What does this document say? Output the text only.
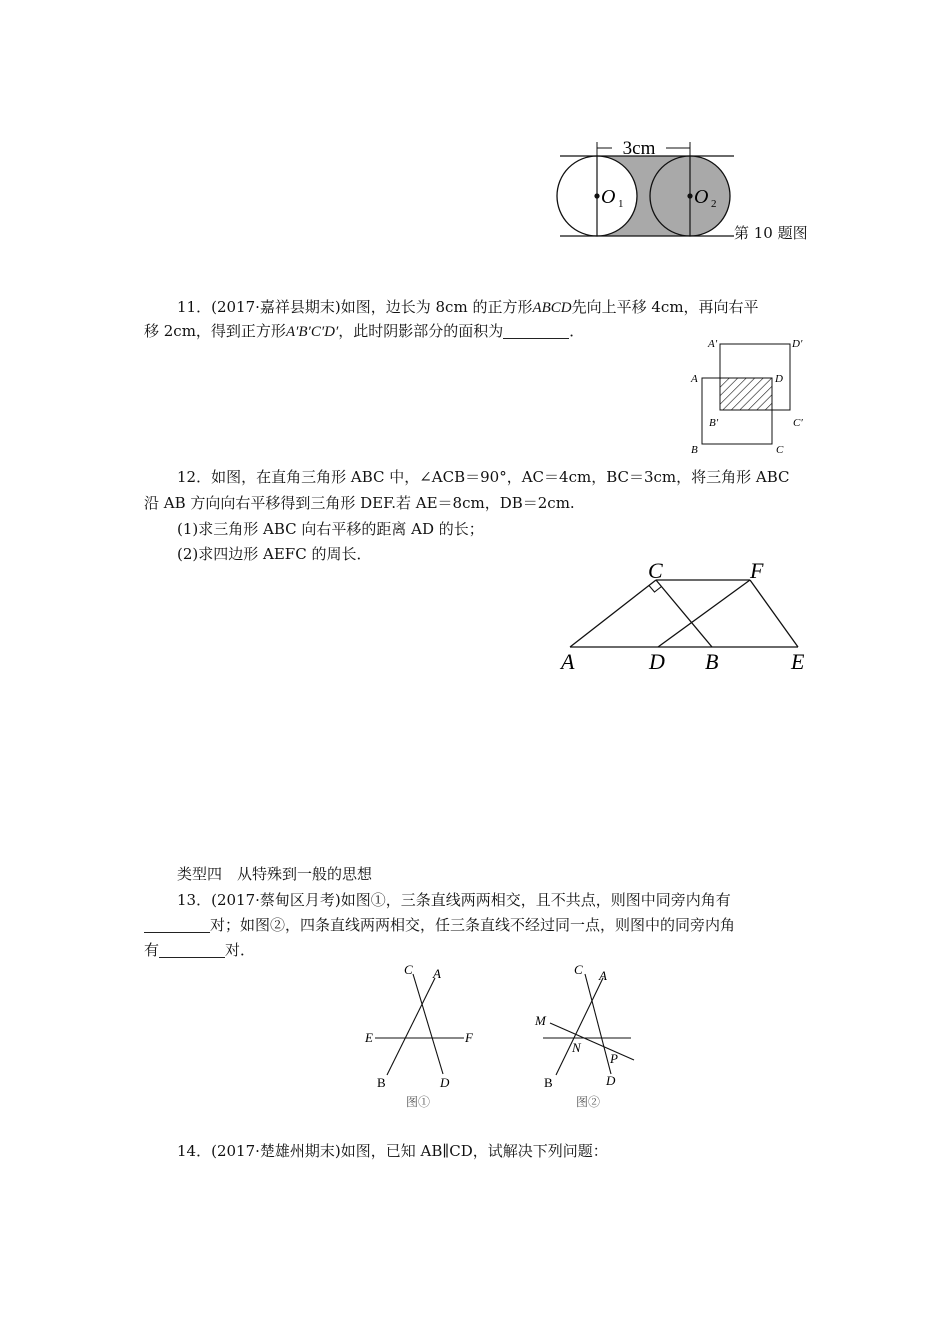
3cm
O 1	O 2
第 10 题图
11．(2017·嘉祥县期末)如图，边长为 8cm 的正方形ABCD先向上平移 4cm，再向右平
移 2cm，得到正方形A′B′C′D′，此时阴影部分的面积为	．
A′	D′
A	D
B′	C′
B	C
12．如图，在直角三角形 ABC 中，∠ACB＝90°，AC＝4cm，BC＝3cm，将三角形 ABC
沿 AB 方向向右平移得到三角形 DEF.若 AE＝8cm，DB＝2cm.
(1)求三角形 ABC 向右平移的距离 AD 的长；
(2)求四边形 AEFC 的周长．
C	F
A	D B	E
类型四　从特殊到一般的思想
13．(2017·蔡甸区月考)如图①，三条直线两两相交，且不共点，则图中同旁内角有
对；如图②，四条直线两两相交，任三条直线不经过同一点，则图中的同旁内角
有	对．
C A
E	F
B	D
图①
C A
M
N
P
B	D
图②
14．(2017·楚雄州期末)如图，已知 AB∥CD，试解决下列问题：
